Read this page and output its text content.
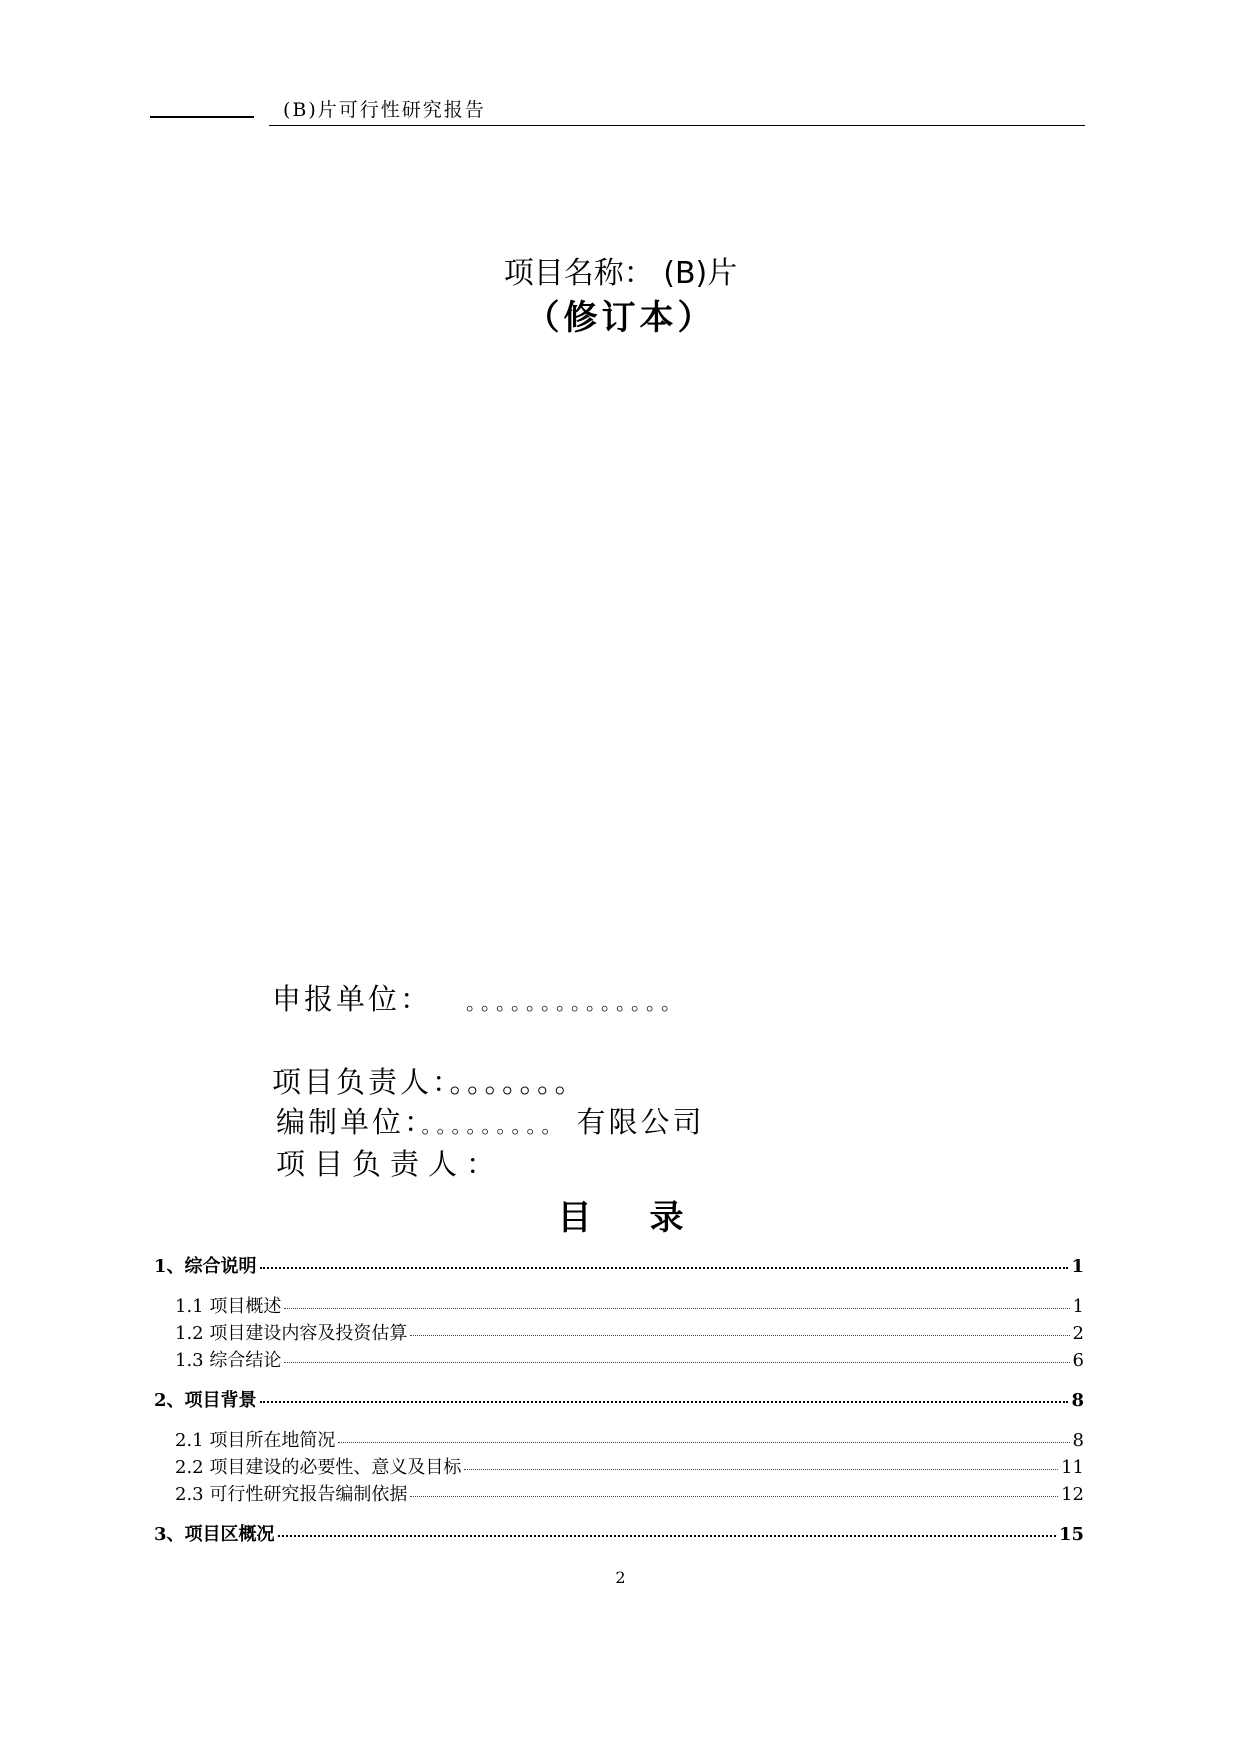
(B)片可行性研究报告
项目名称： (B)片
（修订本）
申报单位： 。。。。。。。。。。。。。。
项目负责人：。。。。。。。
编制单位：。。。。。。。。。 有限公司
项目负责人：
目 录
1、综合说明	1
1.1 项目概述	1
1.2 项目建设内容及投资估算	2
1.3 综合结论	6
2、项目背景	8
2.1 项目所在地简况	8
2.2 项目建设的必要性、意义及目标	11
2.3 可行性研究报告编制依据	12
3、项目区概况	15
2
